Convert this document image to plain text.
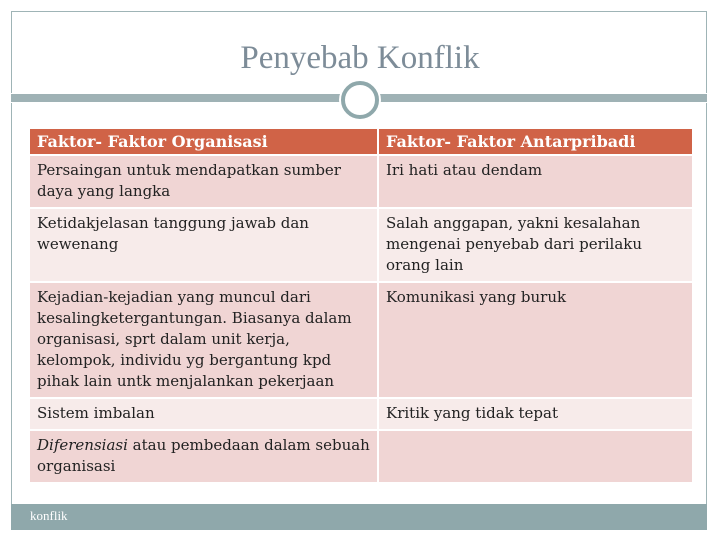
Penyebab Konflik
Faktor- Faktor Organisasi	Faktor- Faktor Antarpribadi
Persaingan untuk mendapatkan sumber daya yang langka	Iri hati atau dendam
Ketidakjelasan tanggung jawab dan wewenang	Salah anggapan, yakni kesalahan mengenai penyebab dari perilaku orang lain
Kejadian-kejadian yang muncul dari kesalingketergantungan. Biasanya dalam organisasi, sprt dalam unit kerja, kelompok, individu yg bergantung kpd pihak lain untk menjalankan pekerjaan	Komunikasi yang buruk
Sistem imbalan	Kritik yang tidak tepat
Diferensiasi atau pembedaan dalam sebuah organisasi	
konflik
